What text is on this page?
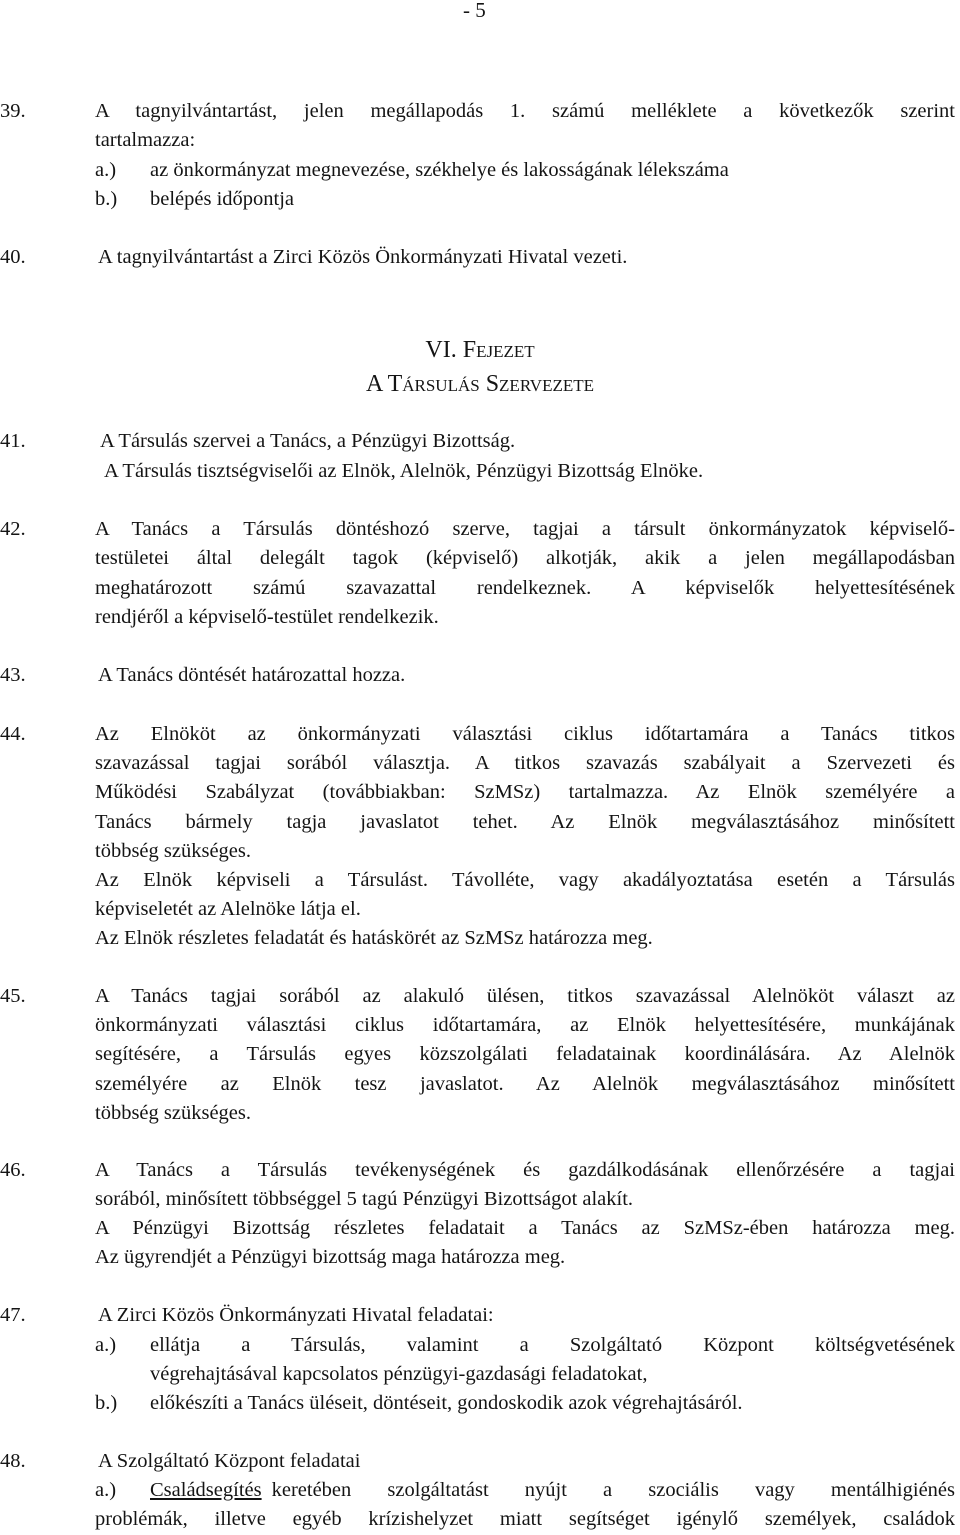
- 5
39.	A tagnyilvántartást, jelen megállapodás 1. számú melléklete a következők szerint
tartalmazza:
a.) az önkormányzat megnevezése, székhelye és lakosságának lélekszáma
b.) belépés időpontja
40.	A tagnyilvántartást a Zirci Közös Önkormányzati Hivatal vezeti.
VI. Fejezet
A Társulás Szervezete
41.	A Társulás szervei a Tanács, a Pénzügyi Bizottság.
A Társulás tisztségviselői az Elnök, Alelnök, Pénzügyi Bizottság Elnöke.
42.	A Tanács a Társulás döntéshozó szerve, tagjai a társult önkormányzatok képviselő-
testületei által delegált tagok (képviselő) alkotják, akik a jelen megállapodásban
meghatározott számú szavazattal rendelkeznek. A képviselők helyettesítésének
rendjéről a képviselő-testület rendelkezik.
43.	A Tanács döntését határozattal hozza.
44.	Az Elnököt az önkormányzati választási ciklus időtartamára a Tanács titkos
szavazással tagjai sorából választja. A titkos szavazás szabályait a Szervezeti és
Működési Szabályzat (továbbiakban: SzMSz) tartalmazza. Az Elnök személyére a
Tanács bármely tagja javaslatot tehet. Az Elnök megválasztásához minősített
többség szükséges.
Az Elnök képviseli a Társulást. Távolléte, vagy akadályoztatása esetén a Társulás
képviseletét az Alelnöke látja el.
Az Elnök részletes feladatát és hatáskörét az SzMSz határozza meg.
45.	A Tanács tagjai sorából az alakuló ülésen, titkos szavazással Alelnököt választ az
önkormányzati választási ciklus időtartamára, az Elnök helyettesítésére, munkájának
segítésére, a Társulás egyes közszolgálati feladatainak koordinálására. Az Alelnök
személyére az Elnök tesz javaslatot. Az Alelnök megválasztásához minősített
többség szükséges.
46.	A Tanács a Társulás tevékenységének és gazdálkodásának ellenőrzésére a tagjai
sorából, minősített többséggel 5 tagú Pénzügyi Bizottságot alakít.
A Pénzügyi Bizottság részletes feladatait a Tanács az SzMSz-ében határozza meg.
Az ügyrendjét a Pénzügyi bizottság maga határozza meg.
47.	A Zirci Közös Önkormányzati Hivatal feladatai:
a.) ellátja a Társulás, valamint a Szolgáltató Központ költségvetésének
végrehajtásával kapcsolatos pénzügyi-gazdasági feladatokat,
b.) előkészíti a Tanács üléseit, döntéseit, gondoskodik azok végrehajtásáról.
48.	A Szolgáltató Központ feladatai
a.) Családsegítés keretében szolgáltatást nyújt a szociális vagy mentálhigiénés
problémák, illetve egyéb krízishelyzet miatt segítséget igénylő személyek, családok
